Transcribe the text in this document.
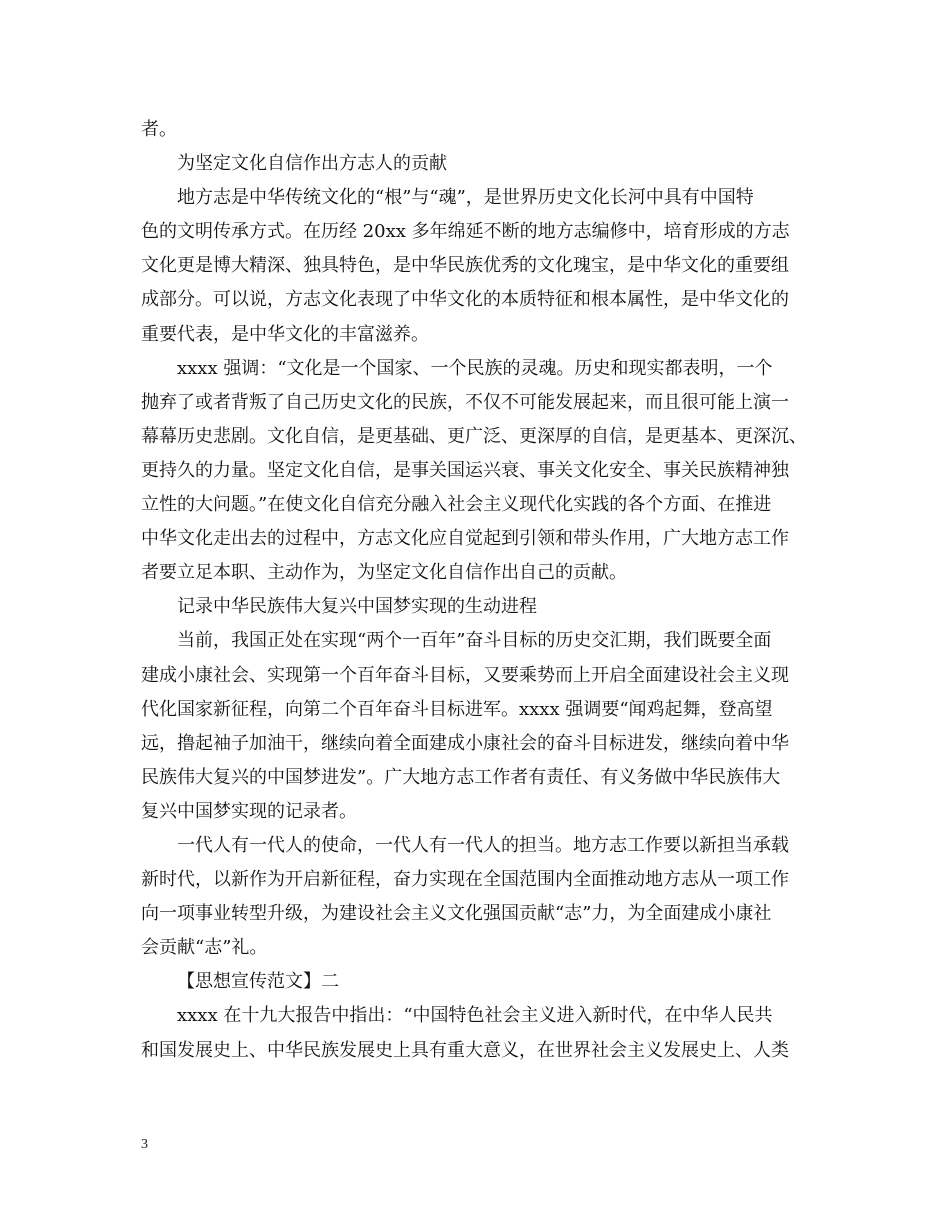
者。
为坚定文化自信作出方志人的贡献
地方志是中华传统文化的“根”与“魂”，是世界历史文化长河中具有中国特
色的文明传承方式。在历经 20xx 多年绵延不断的地方志编修中，培育形成的方志
文化更是博大精深、独具特色，是中华民族优秀的文化瑰宝，是中华文化的重要组
成部分。可以说，方志文化表现了中华文化的本质特征和根本属性，是中华文化的
重要代表，是中华文化的丰富滋养。
xxxx 强调：“文化是一个国家、一个民族的灵魂。历史和现实都表明，一个
抛弃了或者背叛了自己历史文化的民族，不仅不可能发展起来，而且很可能上演一
幕幕历史悲剧。文化自信，是更基础、更广泛、更深厚的自信，是更基本、更深沉、
更持久的力量。坚定文化自信，是事关国运兴衰、事关文化安全、事关民族精神独
立性的大问题。”在使文化自信充分融入社会主义现代化实践的各个方面、在推进
中华文化走出去的过程中，方志文化应自觉起到引领和带头作用，广大地方志工作
者要立足本职、主动作为，为坚定文化自信作出自己的贡献。
记录中华民族伟大复兴中国梦实现的生动进程
当前，我国正处在实现“两个一百年”奋斗目标的历史交汇期，我们既要全面
建成小康社会、实现第一个百年奋斗目标，又要乘势而上开启全面建设社会主义现
代化国家新征程，向第二个百年奋斗目标进军。xxxx 强调要“闻鸡起舞，登高望
远，撸起袖子加油干，继续向着全面建成小康社会的奋斗目标进发，继续向着中华
民族伟大复兴的中国梦进发”。广大地方志工作者有责任、有义务做中华民族伟大
复兴中国梦实现的记录者。
一代人有一代人的使命，一代人有一代人的担当。地方志工作要以新担当承载
新时代，以新作为开启新征程，奋力实现在全国范围内全面推动地方志从一项工作
向一项事业转型升级，为建设社会主义文化强国贡献“志”力，为全面建成小康社
会贡献“志”礼。
【思想宣传范文】二
xxxx 在十九大报告中指出：“中国特色社会主义进入新时代，在中华人民共
和国发展史上、中华民族发展史上具有重大意义，在世界社会主义发展史上、人类
3
